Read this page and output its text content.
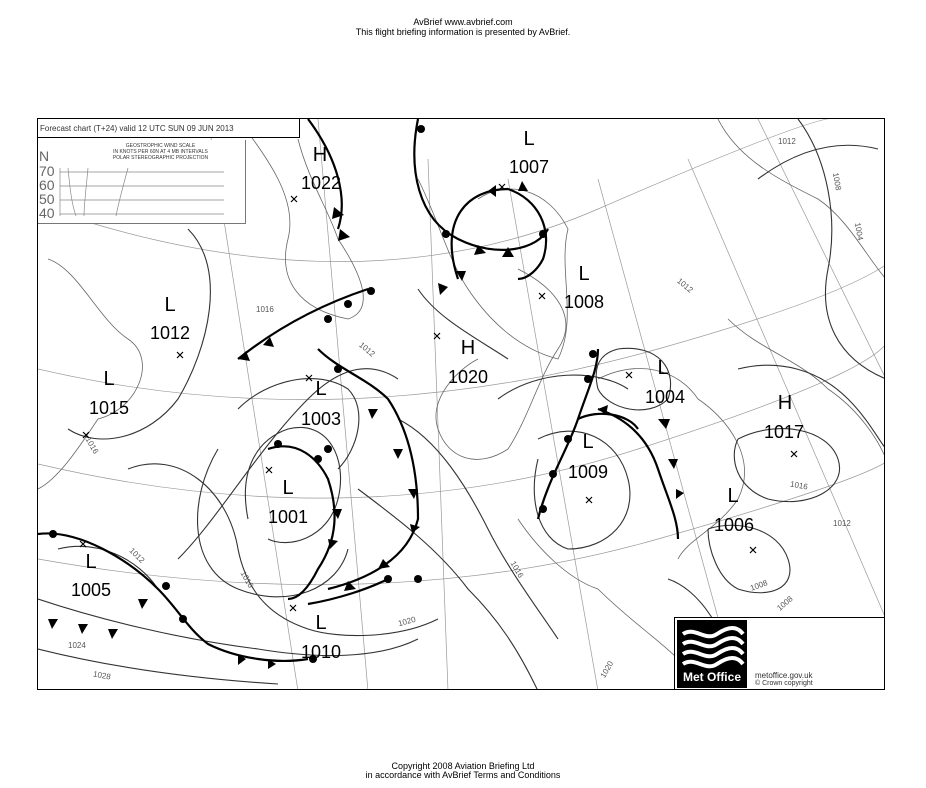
AvBrief www.avbrief.com
This flight briefing information is presented by AvBrief.
Forecast chart (T+24) valid 12 UTC SUN 09 JUN 2013
GEOSTROPHIC WIND SCALE
IN KNOTS PER 60N AT 4 MB INTERVALS
POLAR STEREOGRAPHIC PROJECTION
N
70
60
50
40
H
1022
L
1007
L
1008
L
1012
L
1015
L
1003
H
1020	L
1004	H
1017
L
1009
L
1001
L
1006
L
1005
L
1010
1012
1008
1004
1016
1012
1016
1012
1016
1020
1024
1028
1012
1016
1008
1012
1016
1020
1008
Met Office	metoffice.gov.uk
© Crown copyright
Copyright 2008 Aviation Briefing Ltd
in accordance with AvBrief Terms and Conditions
